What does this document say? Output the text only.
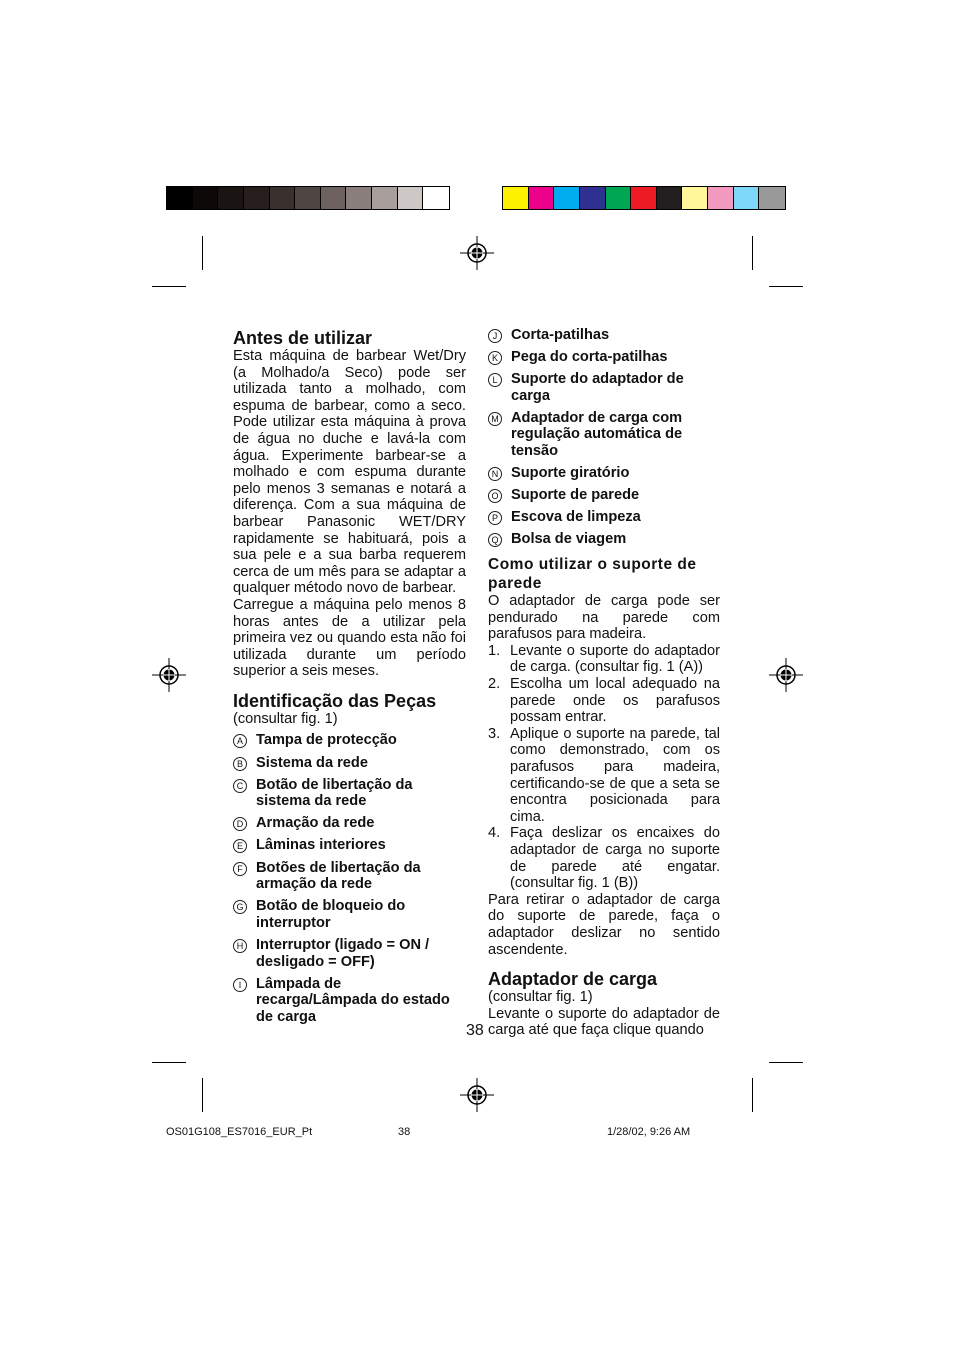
Antes de utilizar

Esta máquina de barbear Wet/Dry (a Molhado/a Seco) pode ser utilizada tanto a molhado, com espuma de barbear, como a seco. Pode utilizar esta máquina à prova de água no duche e lavá-la com água. Experimente barbear-se a molhado e com espuma durante pelo menos 3 semanas e notará a diferença. Com a sua máquina de barbear Panasonic WET/DRY rapidamente se habituará, pois a sua pele e a sua barba requerem cerca de um mês para se adaptar a qualquer método novo de barbear.

Carregue a máquina pelo menos 8 horas antes de a utilizar pela primeira vez ou quando esta não foi utilizada durante um período superior a seis meses.

Identificação das Peças
(consultar fig. 1)
A Tampa de protecção
B Sistema da rede
C Botão de libertação da sistema da rede
D Armação da rede
E Lâminas interiores
F Botões de libertação da armação da rede
G Botão de bloqueio do interruptor
H Interruptor (ligado = ON / desligado = OFF)
I	Lâmpada de recarga/Lâmpada do estado de carga
J Corta-patilhas
K Pega do corta-patilhas
L Suporte do adaptador de carga
M Adaptador de carga com regulação automática de tensão
N Suporte giratório
O Suporte de parede
P Escova de limpeza
Q Bolsa de viagem
Como utilizar o suporte de parede

O adaptador de carga pode ser pendurado na parede com parafusos para madeira.

1. Levante o suporte do adaptador de carga. (consultar fig. 1 (A))
2. Escolha um local adequado na parede onde os parafusos possam entrar.
3. Aplique o suporte na parede, tal como demonstrado, com os parafusos para madeira, certificando-se de que a seta se encontra posicionada para cima.
4. Faça deslizar os encaixes do adaptador de carga no suporte de parede até engatar. (consultar fig. 1 (B))

Para retirar o adaptador de carga do suporte de parede, faça o adaptador deslizar no sentido ascendente.

Adaptador de carga
(consultar fig. 1)

Levante o suporte do adaptador de carga até que faça clique quando

38
OS01G108_ES7016_EUR_Pt	38	1/28/02, 9:26 AM
